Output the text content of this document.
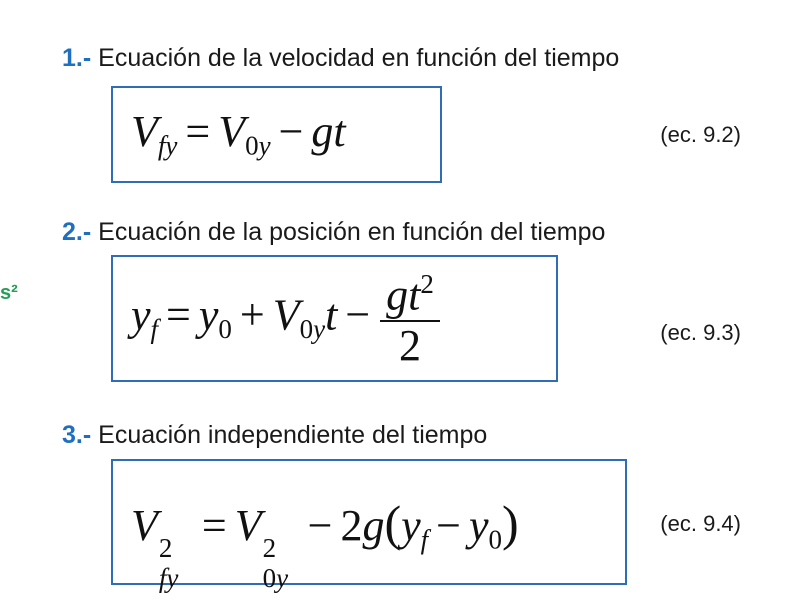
s²
1.- Ecuación de la velocidad en función del tiempo
$V_{fy} = V_{0y}$ − gt	(ec. 9.2)
2.- Ecuación de la posición en función del tiempo
$y_f = y_0 + V_{0y}t - \frac{gt^2}{2}$	(ec. 9.3)
3.- Ecuación independiente del tiempo
V 2
fy
= V 2
0y
− $2g(y_f - y_0)$	(ec. 9.4)
